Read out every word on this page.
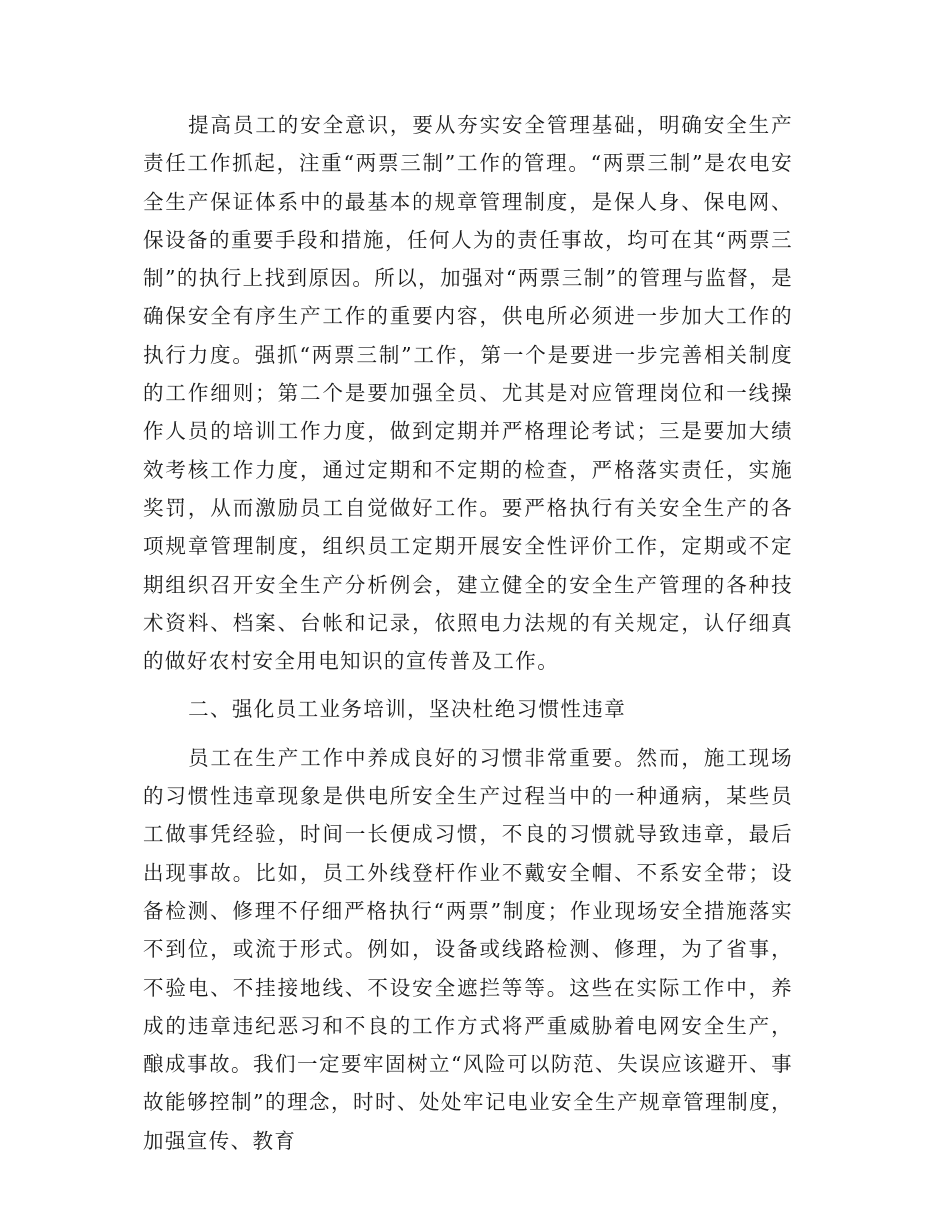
提高员工的安全意识，要从夯实安全管理基础，明确安全生产责任工作抓起，注重“两票三制”工作的管理。“两票三制”是农电安全生产保证体系中的最基本的规章管理制度，是保人身、保电网、保设备的重要手段和措施，任何人为的责任事故，均可在其“两票三制”的执行上找到原因。所以，加强对“两票三制”的管理与监督，是确保安全有序生产工作的重要内容，供电所必须进一步加大工作的执行力度。强抓“两票三制”工作，第一个是要进一步完善相关制度的工作细则；第二个是要加强全员、尤其是对应管理岗位和一线操作人员的培训工作力度，做到定期并严格理论考试；三是要加大绩效考核工作力度，通过定期和不定期的检查，严格落实责任，实施奖罚，从而激励员工自觉做好工作。要严格执行有关安全生产的各项规章管理制度，组织员工定期开展安全性评价工作，定期或不定期组织召开安全生产分析例会，建立健全的安全生产管理的各种技术资料、档案、台帐和记录，依照电力法规的有关规定，认仔细真的做好农村安全用电知识的宣传普及工作。

二、强化员工业务培训，坚决杜绝习惯性违章

员工在生产工作中养成良好的习惯非常重要。然而，施工现场的习惯性违章现象是供电所安全生产过程当中的一种通病，某些员工做事凭经验，时间一长便成习惯，不良的习惯就导致违章，最后出现事故。比如，员工外线登杆作业不戴安全帽、不系安全带；设备检测、修理不仔细严格执行“两票”制度；作业现场安全措施落实不到位，或流于形式。例如，设备或线路检测、修理，为了省事，不验电、不挂接地线、不设安全遮拦等等。这些在实际工作中，养成的违章违纪恶习和不良的工作方式将严重威胁着电网安全生产，酿成事故。我们一定要牢固树立“风险可以防范、失误应该避开、事故能够控制”的理念，时时、处处牢记电业安全生产规章管理制度，加强宣传、教育
